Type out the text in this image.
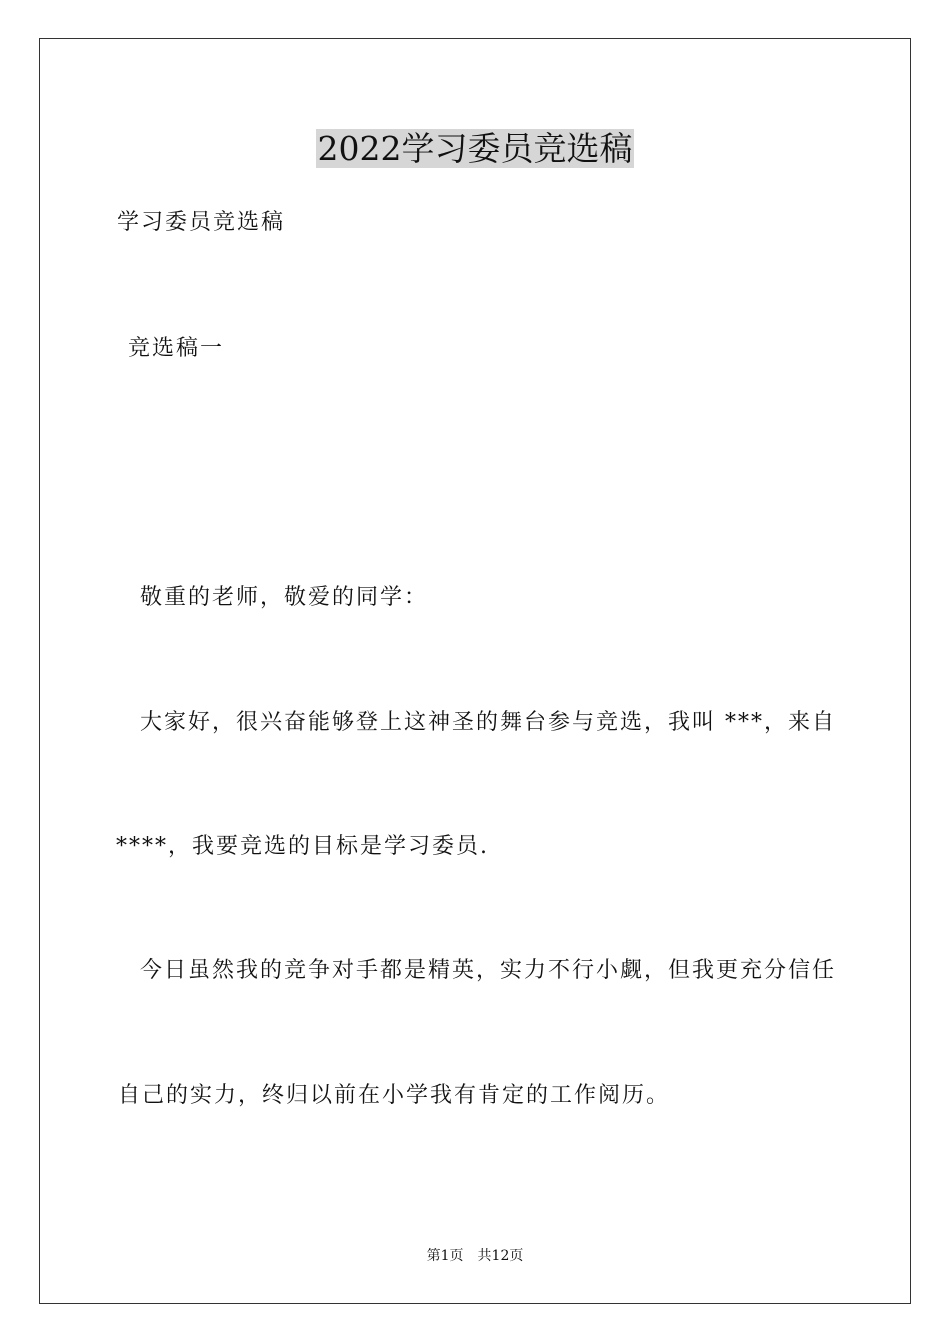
2022学习委员竞选稿
学习委员竞选稿
竞选稿一
敬重的老师，敬爱的同学：
大家好，很兴奋能够登上这神圣的舞台参与竞选，我叫 ***，来自
****，我要竞选的目标是学习委员.
今日虽然我的竞争对手都是精英，实力不行小觑，但我更充分信任
自己的实力，终归以前在小学我有肯定的工作阅历。
第1页 共12页
